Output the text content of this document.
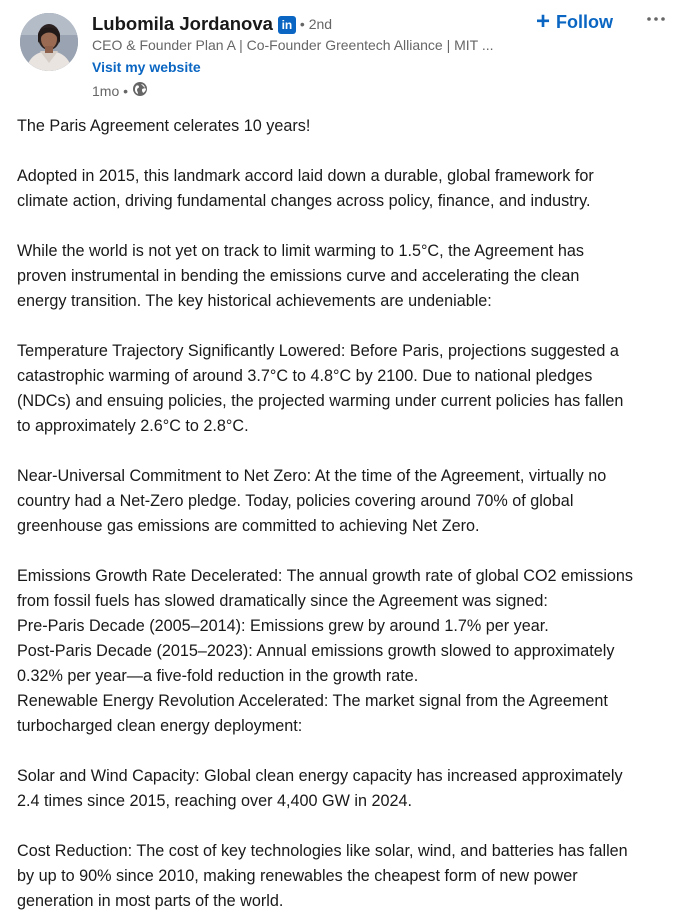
Lubomila Jordanova in • 2nd
CEO & Founder Plan A | Co-Founder Greentech Alliance | MIT ...
Visit my website
1mo •
+ Follow
The Paris Agreement celerates 10 years!
Adopted in 2015, this landmark accord laid down a durable, global framework for
climate action, driving fundamental changes across policy, finance, and industry.
While the world is not yet on track to limit warming to 1.5°C, the Agreement has
proven instrumental in bending the emissions curve and accelerating the clean
energy transition. The key historical achievements are undeniable:
Temperature Trajectory Significantly Lowered: Before Paris, projections suggested a
catastrophic warming of around 3.7°C to 4.8°C by 2100. Due to national pledges
(NDCs) and ensuing policies, the projected warming under current policies has fallen
to approximately 2.6°C to 2.8°C.
Near-Universal Commitment to Net Zero: At the time of the Agreement, virtually no
country had a Net-Zero pledge. Today, policies covering around 70% of global
greenhouse gas emissions are committed to achieving Net Zero.
Emissions Growth Rate Decelerated: The annual growth rate of global CO2 emissions
from fossil fuels has slowed dramatically since the Agreement was signed:
Pre-Paris Decade (2005–2014): Emissions grew by around 1.7% per year.
Post-Paris Decade (2015–2023): Annual emissions growth slowed to approximately
0.32% per year—a five-fold reduction in the growth rate.
Renewable Energy Revolution Accelerated: The market signal from the Agreement
turbocharged clean energy deployment:
Solar and Wind Capacity: Global clean energy capacity has increased approximately
2.4 times since 2015, reaching over 4,400 GW in 2024.
Cost Reduction: The cost of key technologies like solar, wind, and batteries has fallen
by up to 90% since 2010, making renewables the cheapest form of new power
generation in most parts of the world.
